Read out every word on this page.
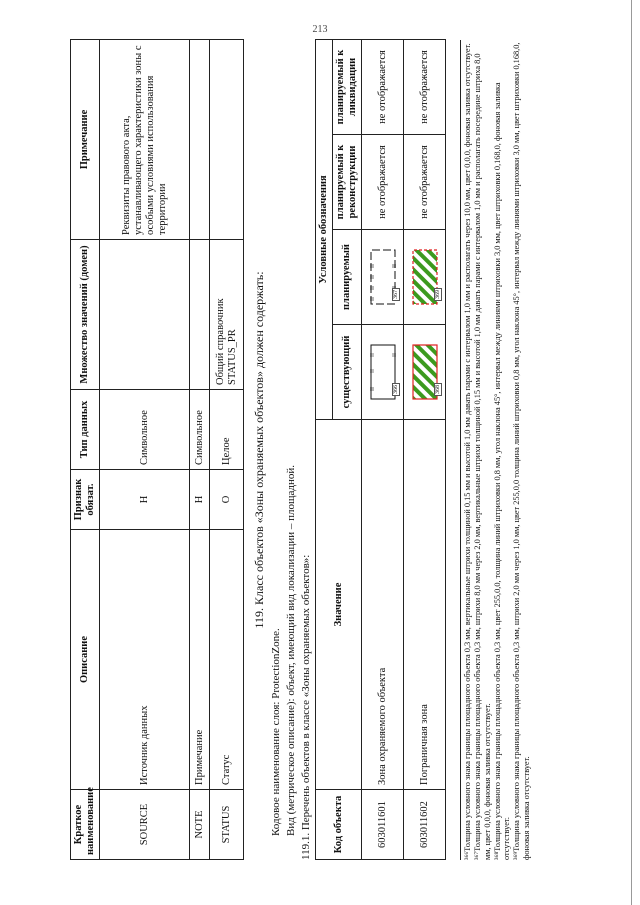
213
Краткое наименование	Описание	Признак обязат.	Тип данных	Множество значений (домен)	Примечание
SOURCE	Источник данных	Н	Символьное		Реквизиты правового акта, устанавливающего характеристики зоны с особыми условиями использования территории
NOTE	Примечание	Н	Символьное		
STATUS	Статус	О	Целое	Общий справочник STATUS_PR	119. Класс объектов «Зоны охраняемых объектов» должен содержать:

Кодовое наименование слоя: ProtectionZone. Вид (метрическое описание): объект, имеющий вид локализации – площадной. 119.1. Перечень объектов в классе «Зоны охраняемых объектов»: Код объекта	Значение	Условные обозначения			
		существующий	планируемый	планируемый к реконструкции	планируемый к ликвидации
603011601	Зона охраняемого объекта	366	367	не отображается	не отображается
603011602	Пограничная зона	368	369	не отображается	не отображается	³⁶⁶Толщина условного знака границы площадного объекта 0,3 мм, вертикальные штрихи толщиной 0,15 мм и высотой 1,0 мм давать парами с интервалом 1,0 мм и располагать через 10,0 мм, цвет 0,0,0, фоновая заливка отсутствует. ³⁶⁷Толщина условного знака границы площадного объекта 0,3 мм, штрихи 8,0 мм через 2,0 мм, вертикальные штрихи толщиной 0,15 мм и высотой 1,0 мм давать парами с интервалом 1,0 мм и располагать посередине штриха 8,0 мм, цвет 0,0,0, фоновая заливка отсутствует. ³⁶⁸Толщина условного знака границы площадного объекта 0,3 мм, цвет 255,0,0, толщина линий штриховки 0,8 мм, угол наклона 45°, интервал между линиями штриховки 3,0 мм, цвет штриховки 0,168,0, фоновая заливка отсутствует. ³⁶⁹Толщина условного знака границы площадного объекта 0,3 мм, штрихи 2,0 мм через 1,0 мм, цвет 255,0,0 толщина линий штриховки 0,8 мм, угол наклона 45°, интервал между линиями штриховки 3,0 мм, цвет штриховки 0,168,0, фоновая заливка отсутствует.
